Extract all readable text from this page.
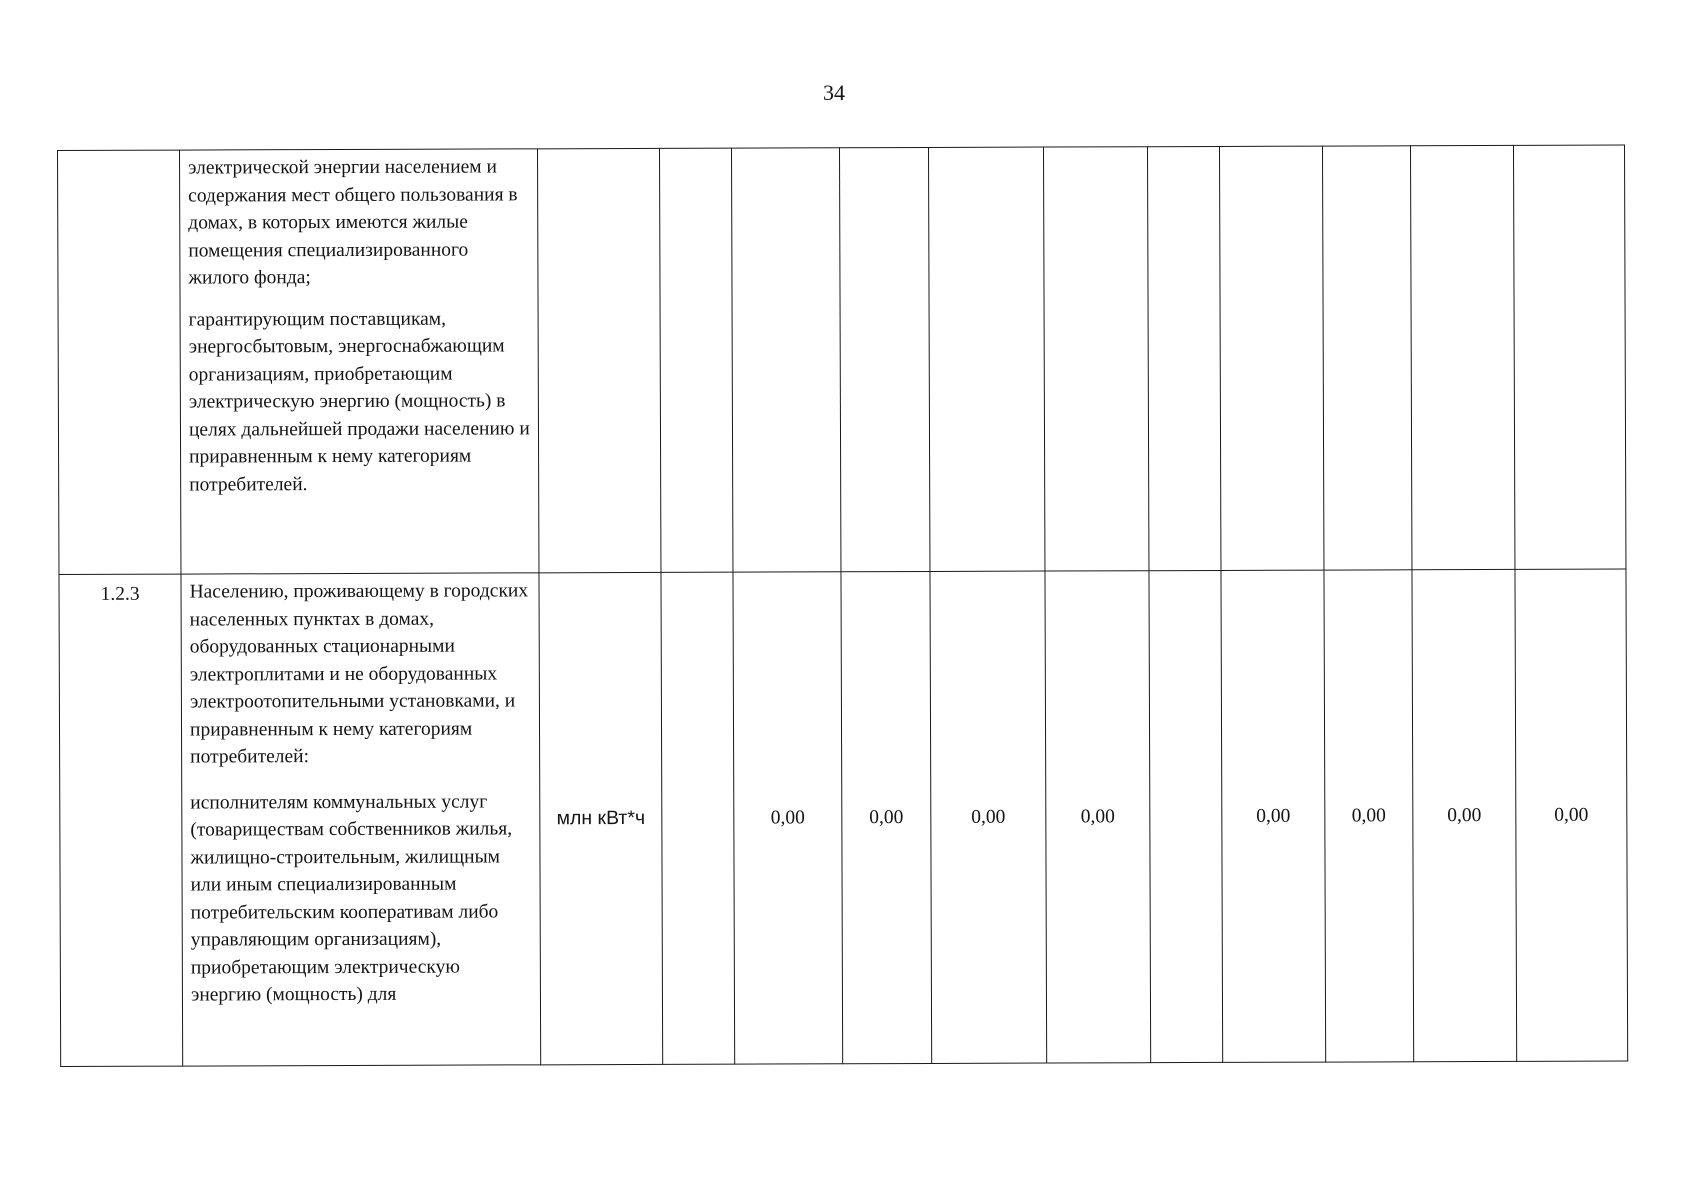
34

	электрической энергии населением и содержания мест общего пользования в домах, в которых имеются жилые помещения специализированного жилого фонда;

гарантирующим поставщикам, энергосбытовым, энергоснабжающим организациям, приобретающим электрическую энергию (мощность) в целях дальнейшей продажи населению и приравненным к нему категориям потребителей.											

1.2.3	Населению, проживающему в городских населенных пунктах в домах, оборудованных стационарными электроплитами и не оборудованных электроотопительными установками, и приравненным к нему категориям потребителей:

исполнителям коммунальных услуг (товариществам собственников жилья, жилищно-строительным, жилищным или иным специализированным потребительским кооперативам либо управляющим организациям), приобретающим электрическую энергию (мощность) для	млн кВт*ч		0,00	0,00	0,00	0,00		0,00	0,00	0,00	0,00
